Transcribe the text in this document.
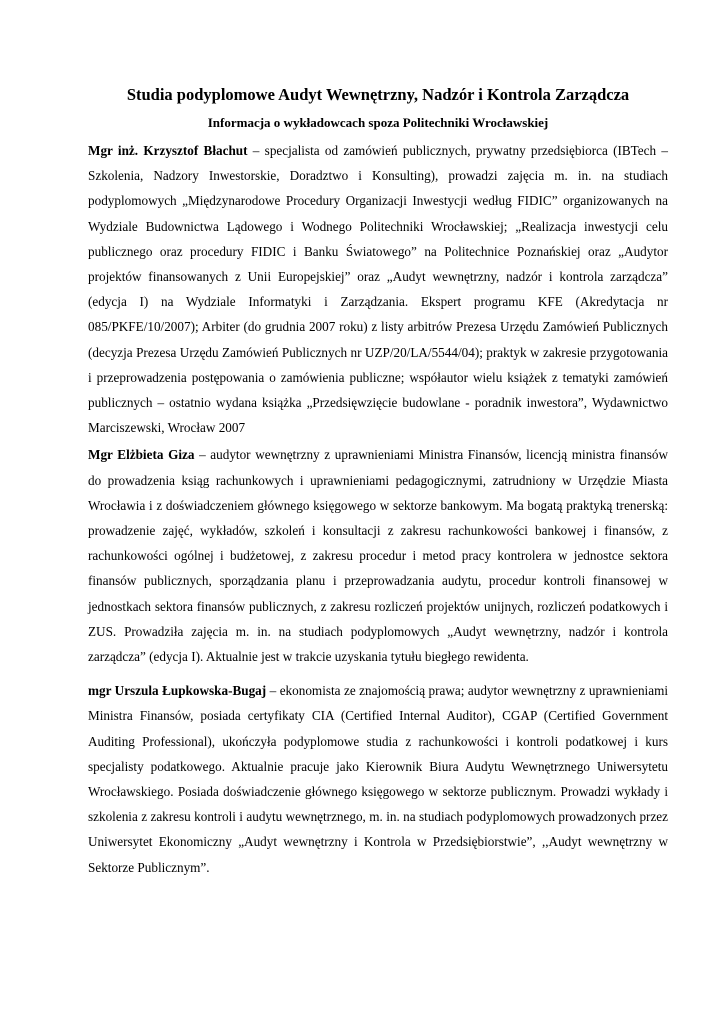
Studia podyplomowe Audyt Wewnętrzny, Nadzór i Kontrola Zarządcza
Informacja o wykładowcach spoza Politechniki Wrocławskiej

Mgr inż. Krzysztof Błachut – specjalista od zamówień publicznych, prywatny przedsiębiorca (IBTech – Szkolenia, Nadzory Inwestorskie, Doradztwo i Konsulting), prowadzi zajęcia m. in. na studiach podyplomowych „Międzynarodowe Procedury Organizacji Inwestycji według FIDIC” organizowanych na Wydziale Budownictwa Lądowego i Wodnego Politechniki Wrocławskiej; „Realizacja inwestycji celu publicznego oraz procedury FIDIC i Banku Światowego” na Politechnice Poznańskiej oraz „Audytor projektów finansowanych z Unii Europejskiej” oraz „Audyt wewnętrzny, nadzór i kontrola zarządcza” (edycja I) na Wydziale Informatyki i Zarządzania. Ekspert programu KFE (Akredytacja nr 085/PKFE/10/2007); Arbiter (do grudnia 2007 roku) z listy arbitrów Prezesa Urzędu Zamówień Publicznych (decyzja Prezesa Urzędu Zamówień Publicznych nr UZP/20/LA/5544/04); praktyk w zakresie przygotowania i przeprowadzenia postępowania o zamówienia publiczne; współautor wielu książek z tematyki zamówień publicznych – ostatnio wydana książka „Przedsięwzięcie budowlane - poradnik inwestora”, Wydawnictwo Marciszewski, Wrocław 2007

Mgr Elżbieta Giza – audytor wewnętrzny z uprawnieniami Ministra Finansów, licencją ministra finansów do prowadzenia ksiąg rachunkowych i uprawnieniami pedagogicznymi, zatrudniony w Urzędzie Miasta Wrocławia i z doświadczeniem głównego księgowego w sektorze bankowym. Ma bogatą praktyką trenerską: prowadzenie zajęć, wykładów, szkoleń i konsultacji z zakresu rachunkowości bankowej i finansów, z rachunkowości ogólnej i budżetowej, z zakresu procedur i metod pracy kontrolera w jednostce sektora finansów publicznych, sporządzania planu i przeprowadzania audytu, procedur kontroli finansowej w jednostkach sektora finansów publicznych, z zakresu rozliczeń projektów unijnych, rozliczeń podatkowych i ZUS. Prowadziła zajęcia m. in. na studiach podyplomowych „Audyt wewnętrzny, nadzór i kontrola zarządcza” (edycja I). Aktualnie jest w trakcie uzyskania tytułu biegłego rewidenta.

mgr Urszula Łupkowska-Bugaj – ekonomista ze znajomością prawa; audytor wewnętrzny z uprawnieniami Ministra Finansów, posiada certyfikaty CIA (Certified Internal Auditor), CGAP (Certified Government Auditing Professional), ukończyła podyplomowe studia z rachunkowości i kontroli podatkowej i kurs specjalisty podatkowego. Aktualnie pracuje jako Kierownik Biura Audytu Wewnętrznego Uniwersytetu Wrocławskiego. Posiada doświadczenie głównego księgowego w sektorze publicznym. Prowadzi wykłady i szkolenia z zakresu kontroli i audytu wewnętrznego, m. in. na studiach podyplomowych prowadzonych przez Uniwersytet Ekonomiczny „Audyt wewnętrzny i Kontrola w Przedsiębiorstwie”, ,,Audyt wewnętrzny w Sektorze Publicznym”.
